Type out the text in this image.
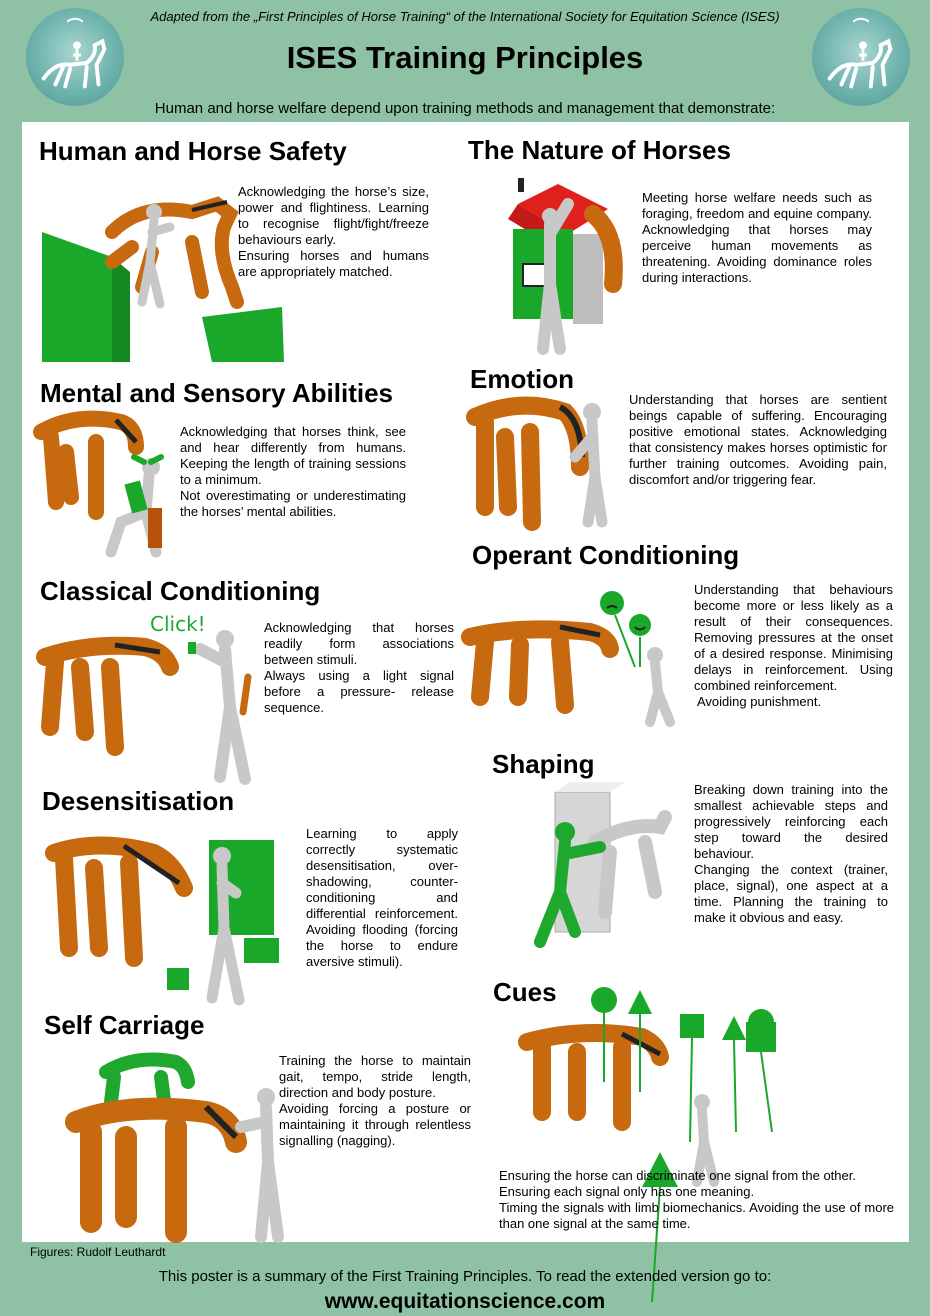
Adapted from the „First Principles of Horse Training“ of the International Society for Equitation Science (ISES)
ISES Training Principles
Human and horse welfare depend upon training methods and management that demonstrate:
Human and Horse Safety

Acknowledging the horse’s size, power and flightiness. Learning to recognise flight/fight/freeze behaviours early.

Ensuring horses and humans are appropriately matched.

The Nature of Horses

Meeting horse welfare needs such as foraging, freedom and equine company. Acknowledging that horses may perceive human movements as threatening. Avoiding dominance roles during interactions.

Mental and Sensory Abilities

Acknowledging that horses think, see and hear differently from humans. Keeping the length of training sessions to a minimum.

Not overestimating or underestimating the horses’ mental abilities.

Emotion

Understanding that horses are sentient beings capable of suffering. Encouraging positive emotional states. Acknowledging that consistency makes horses optimistic for further training outcomes. Avoiding pain, discomfort and/or triggering fear.

Classical Conditioning
Click!	Acknowledging that horses readily form associations between stimuli.

Always using a light signal before a pressure- release sequence.

Operant Conditioning

Understanding that behaviours become more or less likely as a result of their consequences. Removing pressures at the onset of a desired response. Minimising delays in reinforcement. Using combined reinforcement.

Avoiding punishment.

Desensitisation

Learning to apply correctly systematic desensitisation, over-shadowing, counter-conditioning and differential reinforcement. Avoiding flooding (forcing the horse to endure aversive stimuli).

Shaping

Breaking down training into the smallest achievable steps and progressively reinforcing each step toward the desired behaviour.

Changing the context (trainer, place, signal), one aspect at a time. Planning the training to make it obvious and easy.

Self Carriage

Training the horse to maintain gait, tempo, stride length, direction and body posture.

Avoiding forcing a posture or maintaining it through relentless signalling (nagging).

Cues

Ensuring the horse can discriminate one signal from the other.

Ensuring each signal only has one meaning.

Timing the signals with limb biomechanics. Avoiding the use of more than one signal at the same time.

Figures: Rudolf Leuthardt
This poster is a summary of the First Training Principles. To read the extended version go to:
www.equitationscience.com
